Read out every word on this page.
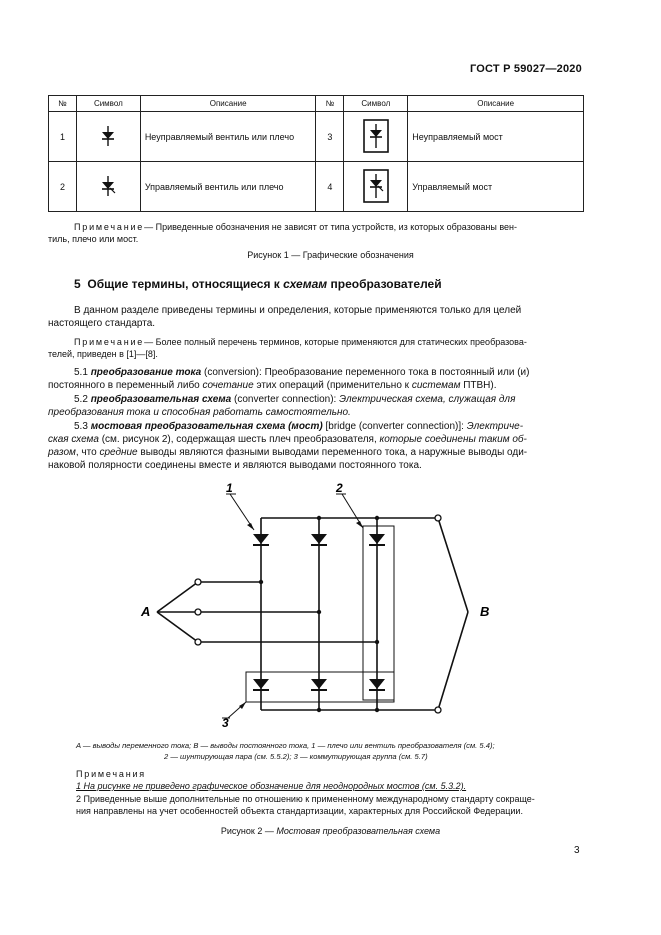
ГОСТ Р 59027—2020
№	Символ	Описание	№	Символ	Описание
1		Неуправляемый вентиль или плечо	3		Неуправляемый мост
2		Управляемый вентиль или плечо	4		Управляемый мост
Примечание— Приведенные обозначения не зависят от типа устройств, из которых образованы вен-
тиль, плечо или мост.
Рисунок 1 — Графические обозначения
5 Общие термины, относящиеся к схемам преобразователей
В данном разделе приведены термины и определения, которые применяются только для целей
настоящего стандарта.
Примечание— Более полный перечень терминов, которые применяются для статических преобразова-
телей, приведен в [1]—[8].
5.1 преобразование тока (conversion): Преобразование переменного тока в постоянный или (и)
постоянного в переменный либо сочетание этих операций (применительно к системам ПТВН).
5.2 преобразовательная схема (converter connection): Электрическая схема, служащая для
преобразования тока и способная работать самостоятельно.
5.3 мостовая преобразовательная схема (мост) [bridge (converter connection)]: Электриче-
ская схема (см. рисунок 2), содержащая шесть плеч преобразователя, которые соединены таким об-
разом, что средние выводы являются фазными выводами переменного тока, а наружные выводы оди-
наковой полярности соединены вместе и являются выводами постоянного тока.
1	2
3
A	B
A — выводы переменного тока; B — выводы постоянного тока, 1 — плечо или вентиль преобразователя (см. 5.4);
2 — шунтирующая пара (см. 5.5.2); 3 — коммутирующая группа (см. 5.7)
Примечания
1 На рисунке не приведено графическое обозначение для неоднородных мостов (см. 5.3.2).
2 Приведенные выше дополнительные по отношению к примененному международному стандарту сокраще-
ния направлены на учет особенностей объекта стандартизации, характерных для Российской Федерации.
Рисунок 2 — Мостовая преобразовательная схема
3
